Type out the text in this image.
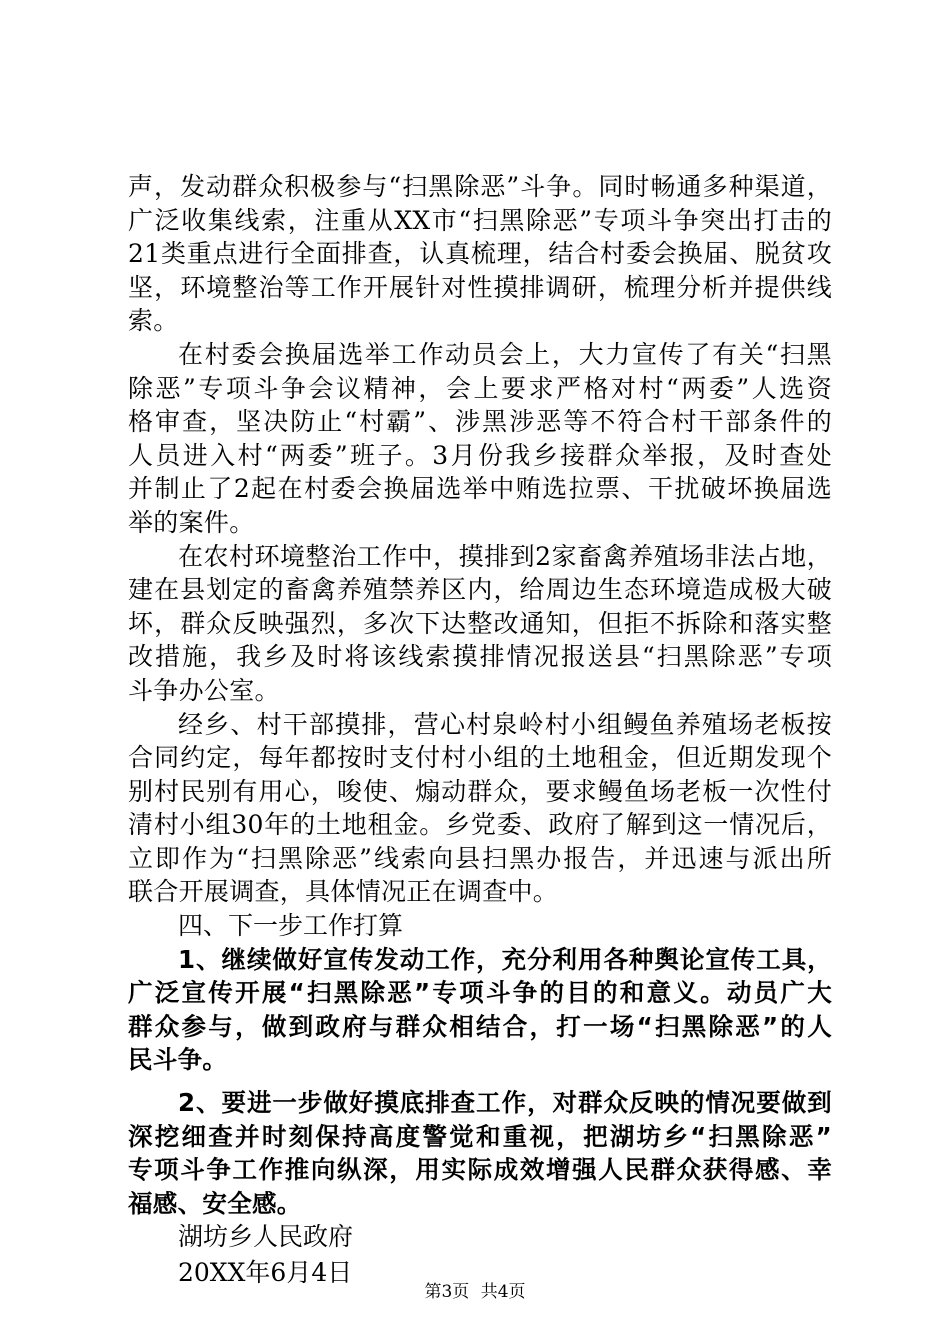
声，发动群众积极参与“扫黑除恶”斗争。同时畅通多种渠道，
广泛收集线索，注重从XX市“扫黑除恶”专项斗争突出打击的
21类重点进行全面排查，认真梳理，结合村委会换届、脱贫攻
坚，环境整治等工作开展针对性摸排调研，梳理分析并提供线
索。
在村委会换届选举工作动员会上，大力宣传了有关“扫黑
除恶”专项斗争会议精神，会上要求严格对村“两委”人选资
格审查，坚决防止“村霸”、涉黑涉恶等不符合村干部条件的
人员进入村“两委”班子。3月份我乡接群众举报，及时查处
并制止了2起在村委会换届选举中贿选拉票、干扰破坏换届选
举的案件。
在农村环境整治工作中，摸排到2家畜禽养殖场非法占地，
建在县划定的畜禽养殖禁养区内，给周边生态环境造成极大破
坏，群众反映强烈，多次下达整改通知，但拒不拆除和落实整
改措施，我乡及时将该线索摸排情况报送县“扫黑除恶”专项
斗争办公室。
经乡、村干部摸排，营心村泉岭村小组鳗鱼养殖场老板按
合同约定，每年都按时支付村小组的土地租金，但近期发现个
别村民别有用心，唆使、煽动群众，要求鳗鱼场老板一次性付
清村小组30年的土地租金。乡党委、政府了解到这一情况后，
立即作为“扫黑除恶”线索向县扫黑办报告，并迅速与派出所
联合开展调查，具体情况正在调查中。
四、下一步工作打算
1、继续做好宣传发动工作，充分利用各种舆论宣传工具，
广泛宣传开展“扫黑除恶”专项斗争的目的和意义。动员广大
群众参与，做到政府与群众相结合，打一场“扫黑除恶”的人
民斗争。
2、要进一步做好摸底排查工作，对群众反映的情况要做到
深挖细查并时刻保持高度警觉和重视，把湖坊乡“扫黑除恶”
专项斗争工作推向纵深，用实际成效增强人民群众获得感、幸
福感、安全感。
湖坊乡人民政府
20XX年6月4日
第3页 共4页
